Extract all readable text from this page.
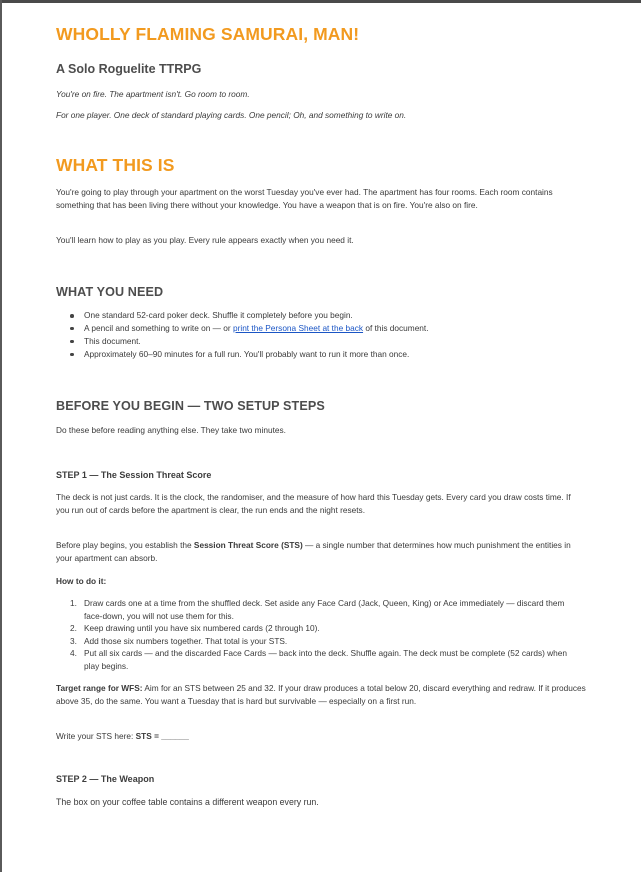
WHOLLY FLAMING SAMURAI, MAN!
A Solo Roguelite TTRPG

You're on fire. The apartment isn't. Go room to room.

For one player. One deck of standard playing cards. One pencil; Oh, and something to write on.

WHAT THIS IS

You're going to play through your apartment on the worst Tuesday you've ever had. The apartment has four rooms. Each room contains something that has been living there without your knowledge. You have a weapon that is on fire. You're also on fire.

You'll learn how to play as you play. Every rule appears exactly when you need it.

WHAT YOU NEED
One standard 52-card poker deck. Shuffle it completely before you begin.
A pencil and something to write on — or print the Persona Sheet at the back of this document.
This document.
Approximately 60–90 minutes for a full run. You'll probably want to run it more than once.
BEFORE YOU BEGIN — TWO SETUP STEPS

Do these before reading anything else. They take two minutes.

STEP 1 — The Session Threat Score

The deck is not just cards. It is the clock, the randomiser, and the measure of how hard this Tuesday gets. Every card you draw costs time. If you run out of cards before the apartment is clear, the run ends and the night resets.

Before play begins, you establish the Session Threat Score (STS) — a single number that determines how much punishment the entities in your apartment can absorb.

How to do it:

1. Draw cards one at a time from the shuffled deck. Set aside any Face Card (Jack, Queen, King) or Ace immediately — discard them face-down, you will not use them for this.
2. Keep drawing until you have six numbered cards (2 through 10).
3. Add those six numbers together. That total is your STS.
4. Put all six cards — and the discarded Face Cards — back into the deck. Shuffle again. The deck must be complete (52 cards) when play begins.

Target range for WFS: Aim for an STS between 25 and 32. If your draw produces a total below 20, discard everything and redraw. If it produces above 35, do the same. You want a Tuesday that is hard but survivable — especially on a first run.

Write your STS here: STS = ______

STEP 2 — The Weapon

The box on your coffee table contains a different weapon every run.
